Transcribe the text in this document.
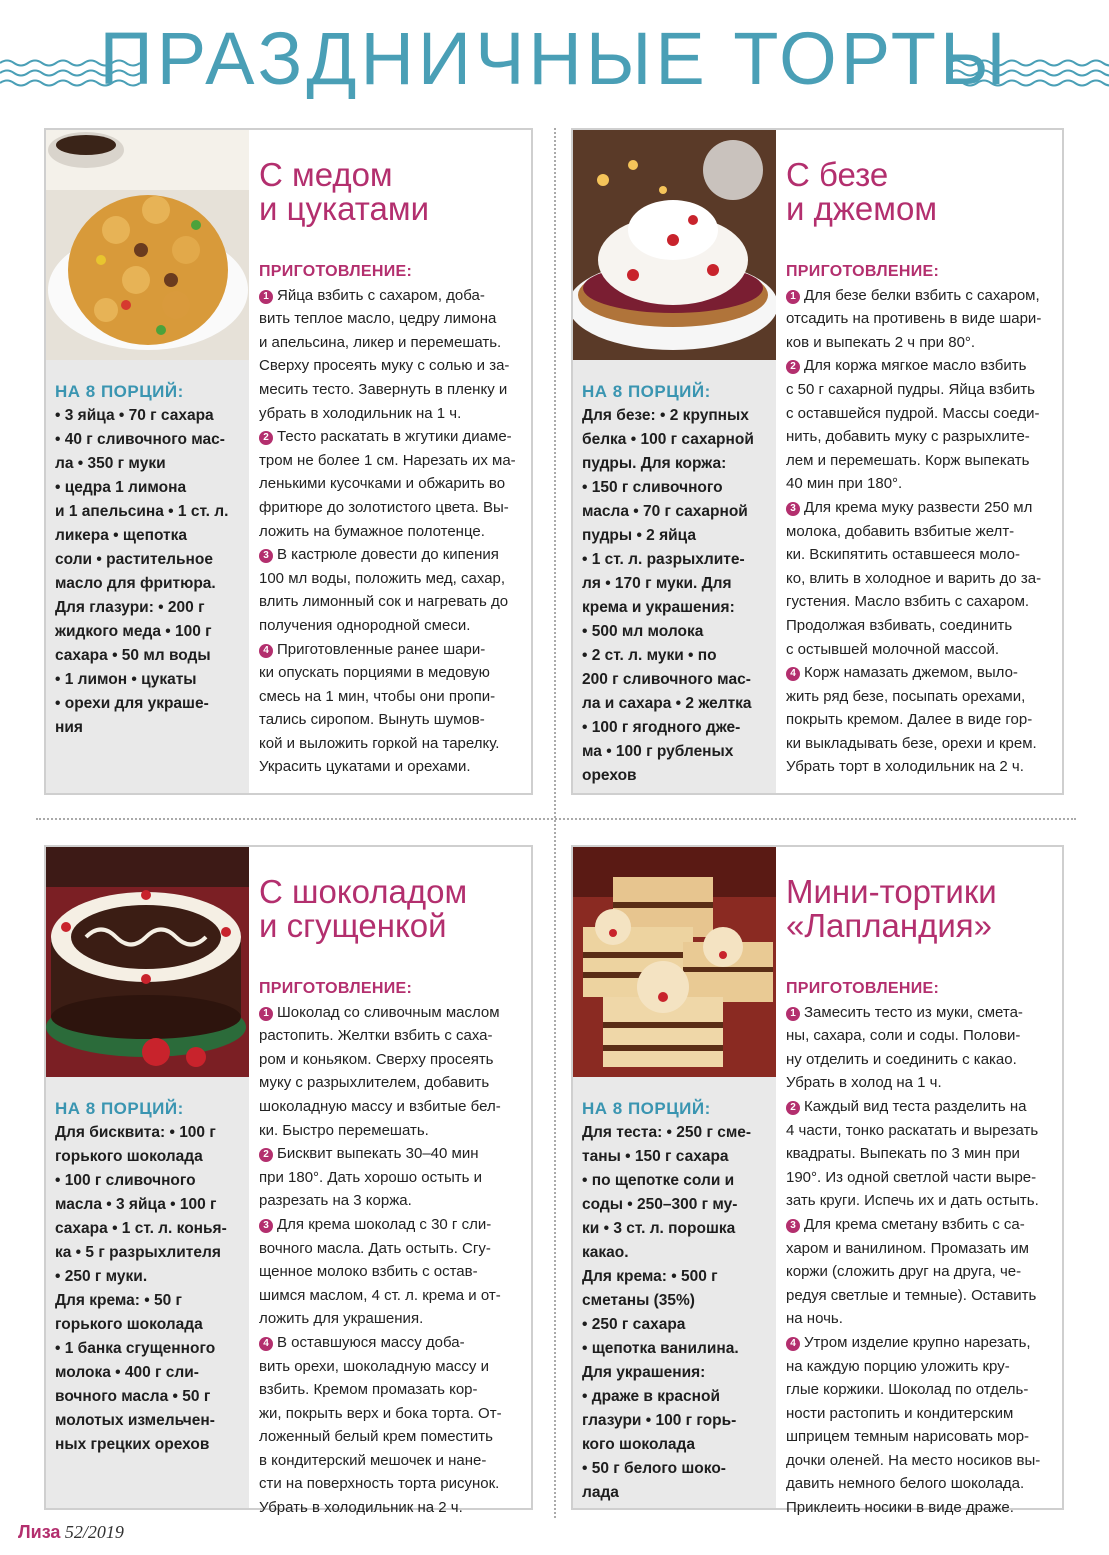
ПРАЗДНИЧНЫЕ ТОРТЫ

НА 8 ПОРЦИЙ:

• 3 яйца • 70 г сахара

• 40 г сливочного мас-

ла • 350 г муки

• цедра 1 лимона

и 1 апельсина • 1 ст. л.

ликера • щепотка

соли • растительное

масло для фритюра.

Для глазури: • 200 г

жидкого меда • 100 г

сахара • 50 мл воды

• 1 лимон • цукаты

• орехи для украше-

ния

С медом
и цукатами

ПРИГОТОВЛЕНИЕ:

1 Яйца взбить с сахаром, доба-
вить теплое масло, цедру лимона
и апельсина, ликер и перемешать.
Сверху просеять муку с солью и за-
месить тесто. Завернуть в пленку и
убрать в холодильник на 1 ч.

2 Тесто раскатать в жгутики диаме-
тром не более 1 см. Нарезать их ма-
ленькими кусочками и обжарить во
фритюре до золотистого цвета. Вы-
ложить на бумажное полотенце.

3 В кастрюле довести до кипения
100 мл воды, положить мед, сахар,
влить лимонный сок и нагревать до
получения однородной смеси.

4 Приготовленные ранее шари-
ки опускать порциями в медовую
смесь на 1 мин, чтобы они пропи-
тались сиропом. Вынуть шумов-
кой и выложить горкой на тарелку.
Украсить цукатами и орехами.

НА 8 ПОРЦИЙ:

Для безе: • 2 крупных

белка • 100 г сахарной

пудры. Для коржа:

• 150 г сливочного

масла • 70 г сахарной

пудры • 2 яйца

• 1 ст. л. разрыхлите-

ля • 170 г муки. Для

крема и украшения:

• 500 мл молока

• 2 ст. л. муки • по

200 г сливочного мас-

ла и сахара • 2 желтка

• 100 г ягодного дже-

ма • 100 г рубленых

орехов

С безе
и джемом

ПРИГОТОВЛЕНИЕ:

1 Для безе белки взбить с сахаром,
отсадить на противень в виде шари-
ков и выпекать 2 ч при 80°.

2 Для коржа мягкое масло взбить
с 50 г сахарной пудры. Яйца взбить
с оставшейся пудрой. Массы соеди-
нить, добавить муку с разрыхлите-
лем и перемешать. Корж выпекать
40 мин при 180°.

3 Для крема муку развести 250 мл
молока, добавить взбитые желт-
ки. Вскипятить оставшееся моло-
ко, влить в холодное и варить до за-
густения. Масло взбить с сахаром.
Продолжая взбивать, соединить
с остывшей молочной массой.

4 Корж намазать джемом, выло-
жить ряд безе, посыпать орехами,
покрыть кремом. Далее в виде гор-
ки выкладывать безе, орехи и крем.
Убрать торт в холодильник на 2 ч.

НА 8 ПОРЦИЙ:

Для бисквита: • 100 г

горького шоколада

• 100 г сливочного

масла • 3 яйца • 100 г

сахара • 1 ст. л. конья-

ка • 5 г разрыхлителя

• 250 г муки.

Для крема: • 50 г

горького шоколада

• 1 банка сгущенного

молока • 400 г сли-

вочного масла • 50 г

молотых измельчен-

ных грецких орехов

С шоколадом
и сгущенкой

ПРИГОТОВЛЕНИЕ:

1 Шоколад со сливочным маслом
растопить. Желтки взбить с саха-
ром и коньяком. Сверху просеять
муку с разрыхлителем, добавить
шоколадную массу и взбитые бел-
ки. Быстро перемешать.

2 Бисквит выпекать 30–40 мин
при 180°. Дать хорошо остыть и
разрезать на 3 коржа.

3 Для крема шоколад с 30 г сли-
вочного масла. Дать остыть. Сгу-
щенное молоко взбить с остав-
шимся маслом, 4 ст. л. крема и от-
ложить для украшения.

4 В оставшуюся массу доба-
вить орехи, шоколадную массу и
взбить. Кремом промазать кор-
жи, покрыть верх и бока торта. От-
ложенный белый крем поместить
в кондитерский мешочек и нане-
сти на поверхность торта рисунок.
Убрать в холодильник на 2 ч.

НА 8 ПОРЦИЙ:

Для теста: • 250 г сме-

таны • 150 г сахара

• по щепотке соли и

соды • 250–300 г му-

ки • 3 ст. л. порошка

какао.

Для крема: • 500 г

сметаны (35%)

• 250 г сахара

• щепотка ванилина.

Для украшения:

• драже в красной

глазури • 100 г горь-

кого шоколада

• 50 г белого шоко-

лада

Мини-тортики
«Лапландия»

ПРИГОТОВЛЕНИЕ:

1 Замесить тесто из муки, смета-
ны, сахара, соли и соды. Полови-
ну отделить и соединить с какао.
Убрать в холод на 1 ч.

2 Каждый вид теста разделить на
4 части, тонко раскатать и вырезать
квадраты. Выпекать по 3 мин при
190°. Из одной светлой части выре-
зать круги. Испечь их и дать остыть.

3 Для крема сметану взбить с са-
харом и ванилином. Промазать им
коржи (сложить друг на друга, че-
редуя светлые и темные). Оставить
на ночь.

4 Утром изделие крупно нарезать,
на каждую порцию уложить кру-
глые коржики. Шоколад по отдель-
ности растопить и кондитерским
шприцем темным нарисовать мор-
дочки оленей. На место носиков вы-
давить немного белого шоколада.
Приклеить носики в виде драже.

Лиза 52/2019
